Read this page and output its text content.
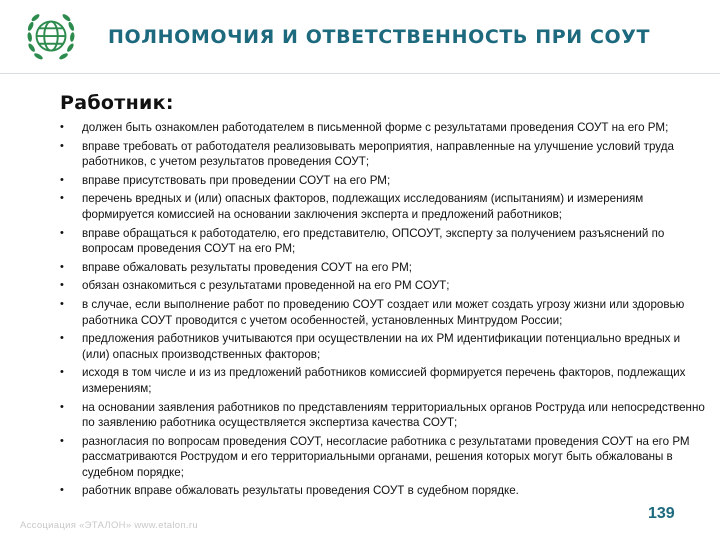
ПОЛНОМОЧИЯ И ОТВЕТСТВЕННОСТЬ ПРИ СОУТ
Работник:
• должен быть ознакомлен работодателем в письменной форме с результатами проведения СОУТ на его РМ;
• вправе требовать от работодателя реализовывать мероприятия, направленные на улучшение условий труда работников, с учетом результатов проведения СОУТ;
• вправе присутствовать при проведении СОУТ на его РМ;
• перечень вредных и (или) опасных факторов, подлежащих исследованиям (испытаниям) и измерениям формируется комиссией на основании заключения эксперта и предложений работников;
• вправе обращаться к работодателю, его представителю, ОПСОУТ, эксперту за получением разъяснений по вопросам проведения СОУТ на его РМ;
• вправе обжаловать результаты проведения СОУТ на его РМ;
• обязан ознакомиться с результатами проведенной на его РМ СОУТ;
• в случае, если выполнение работ по проведению СОУТ создает или может создать угрозу жизни или здоровью работника СОУТ проводится с учетом особенностей, установленных Минтрудом России;
• предложения работников учитываются при осуществлении на их РМ идентификации потенциально вредных и (или) опасных производственных факторов;
• исходя в том числе и из из предложений работников комиссией формируется перечень факторов, подлежащих измерениям;
• на основании заявления работников по представлениям территориальных органов Роструда или непосредственно по заявлению работника осуществляется экспертиза качества СОУТ;
• разногласия по вопросам проведения СОУТ, несогласие работника с результатами проведения СОУТ на его РМ рассматриваются Рострудом и его территориальными органами, решения которых могут быть обжалованы в судебном порядке;
• работник вправе обжаловать результаты проведения СОУТ в судебном порядке.
Ассоциация «ЭТАЛОН» www.etalon.ru
139
